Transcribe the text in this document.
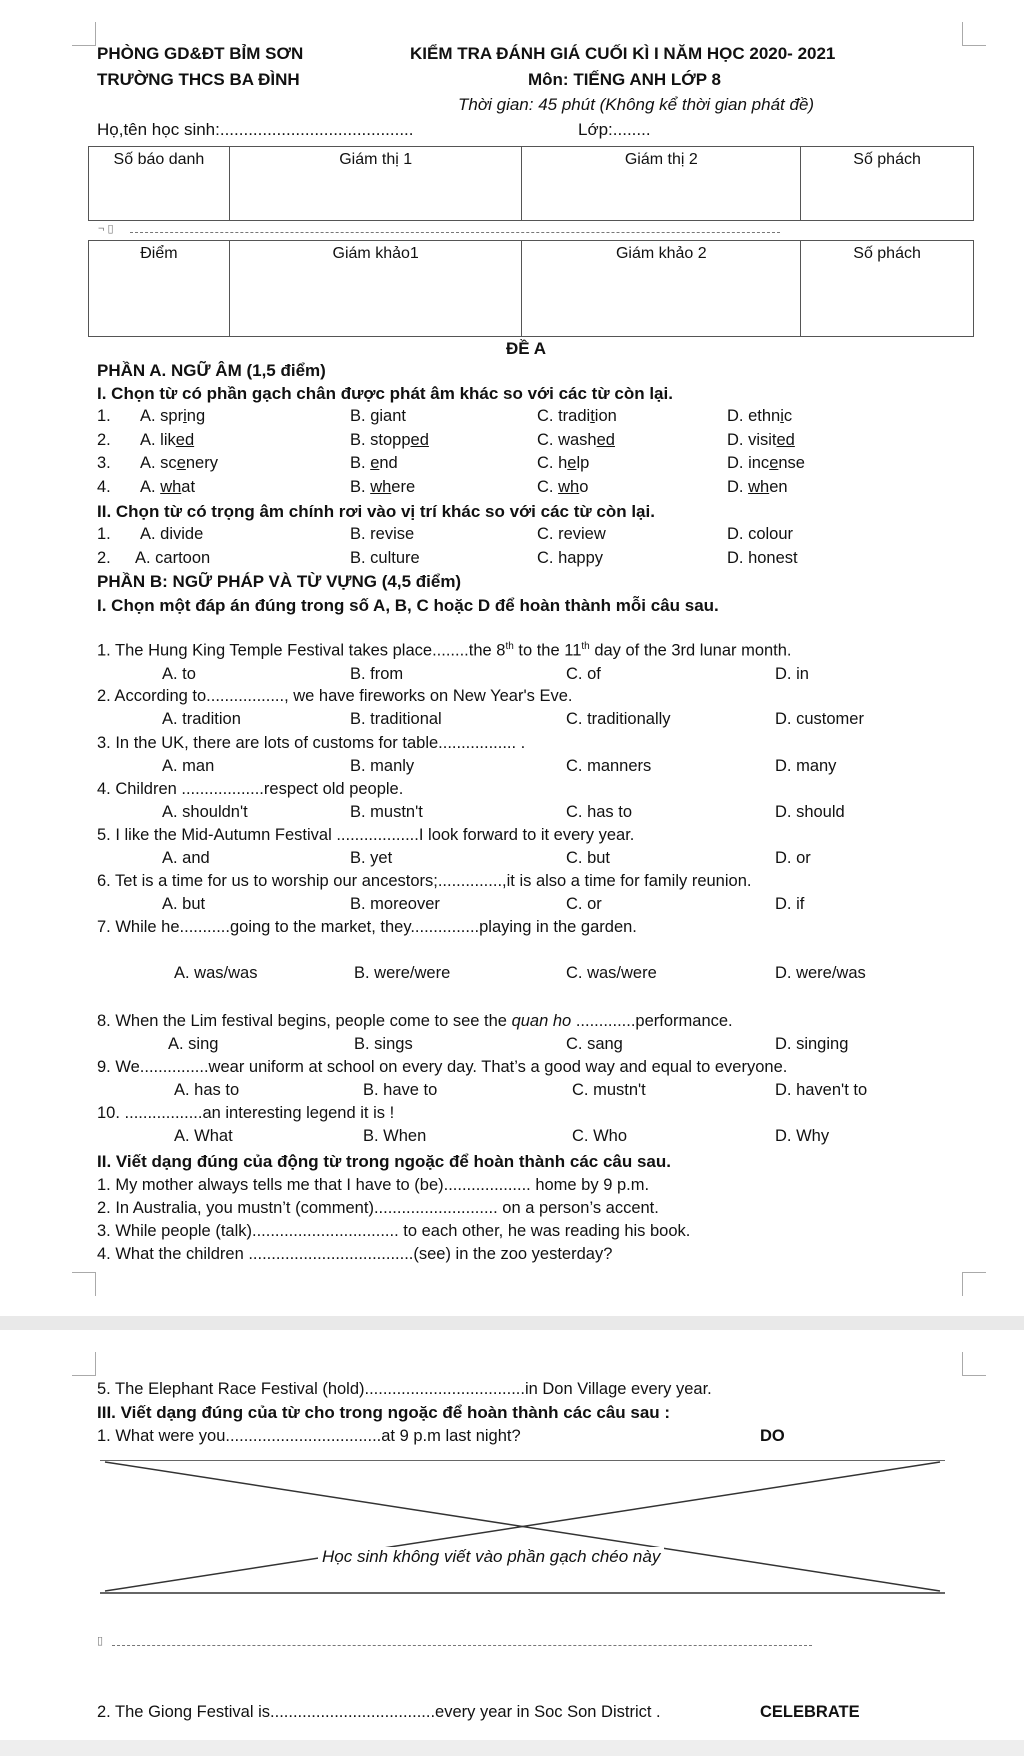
PHÒNG GD&ĐT BỈM SƠN
TRƯỜNG THCS BA ĐÌNH
KIỂM TRA ĐÁNH GIÁ CUỐI KÌ I NĂM HỌC 2020- 2021
Môn: TIẾNG ANH LỚP 8
Thời gian: 45 phút (Không kể thời gian phát đề)
Họ,tên học sinh:.........................................	Lớp:........
Số báo danh	Giám thị 1	Giám thị 2	Số phách
¬ ▯
Điểm	Giám khảo1	Giám khảo 2	Số phách
ĐỀ A
PHẦN A. NGỮ ÂM (1,5 điểm)
I. Chọn từ có phần gạch chân được phát âm khác so với các từ còn lại.
1. A. spring	B. giant	C. tradition	D. ethnic
2. A. liked	B. stopped	C. washed	D. visited
3. A. scenery	B. end	C. help	D. incense
4. A. what	B. where	C. who	D. when
II. Chọn từ có trọng âm chính rơi vào vị trí khác so với các từ còn lại.
1. A. divide	B. revise	C. review	D. colour
2. A. cartoon	B. culture	C. happy	D. honest
PHẦN B: NGỮ PHÁP VÀ TỪ VỰNG (4,5 điểm)
I. Chọn một đáp án đúng trong số A, B, C hoặc D để hoàn thành mỗi câu sau.
1. The Hung King Temple Festival takes place........the 8th to the 11th day of the 3rd lunar month.
A. to	B. from	C. of	D. in
2. According to................., we have fireworks on New Year's Eve.
A. tradition	B. traditional	C. traditionally	D. customer
3. In the UK, there are lots of customs for table................. .
A. man	B. manly	C. manners	D. many
4. Children ..................respect old people.
A. shouldn't	B. mustn't	C. has to	D. should
5. I like the Mid-Autumn Festival ..................I look forward to it every year.
A. and	B. yet	C. but	D. or
6. Tet is a time for us to worship our ancestors;..............,it is also a time for family reunion.
A. but	B. moreover	C. or	D. if
7. While he...........going to the market, they...............playing in the garden.
A. was/was	B. were/were	C. was/were	D. were/was
8. When the Lim festival begins, people come to see the quan ho .............performance.
A. sing	B. sings	C. sang	D. singing
9. We...............wear uniform at school on every day. That’s a good way and equal to everyone.
A. has to	B. have to	C. mustn't	D. haven't to
10. .................an interesting legend it is !
A. What	B. When	C. Who	D. Why
II. Viết dạng đúng của động từ trong ngoặc để hoàn thành các câu sau.
1. My mother always tells me that I have to (be)................... home by 9 p.m.
2. In Australia, you mustn’t (comment)........................... on a person’s accent.
3. While people (talk)................................ to each other, he was reading his book.
4. What the children ....................................(see) in the zoo yesterday?
5. The Elephant Race Festival (hold)...................................in Don Village every year.
III. Viết dạng đúng của từ cho trong ngoặc để hoàn thành các câu sau :
1. What were you..................................at 9 p.m last night?	DO
Học sinh không viết vào phần gạch chéo này
▯
2. The Giong Festival is....................................every year in Soc Son District .	CELEBRATE
